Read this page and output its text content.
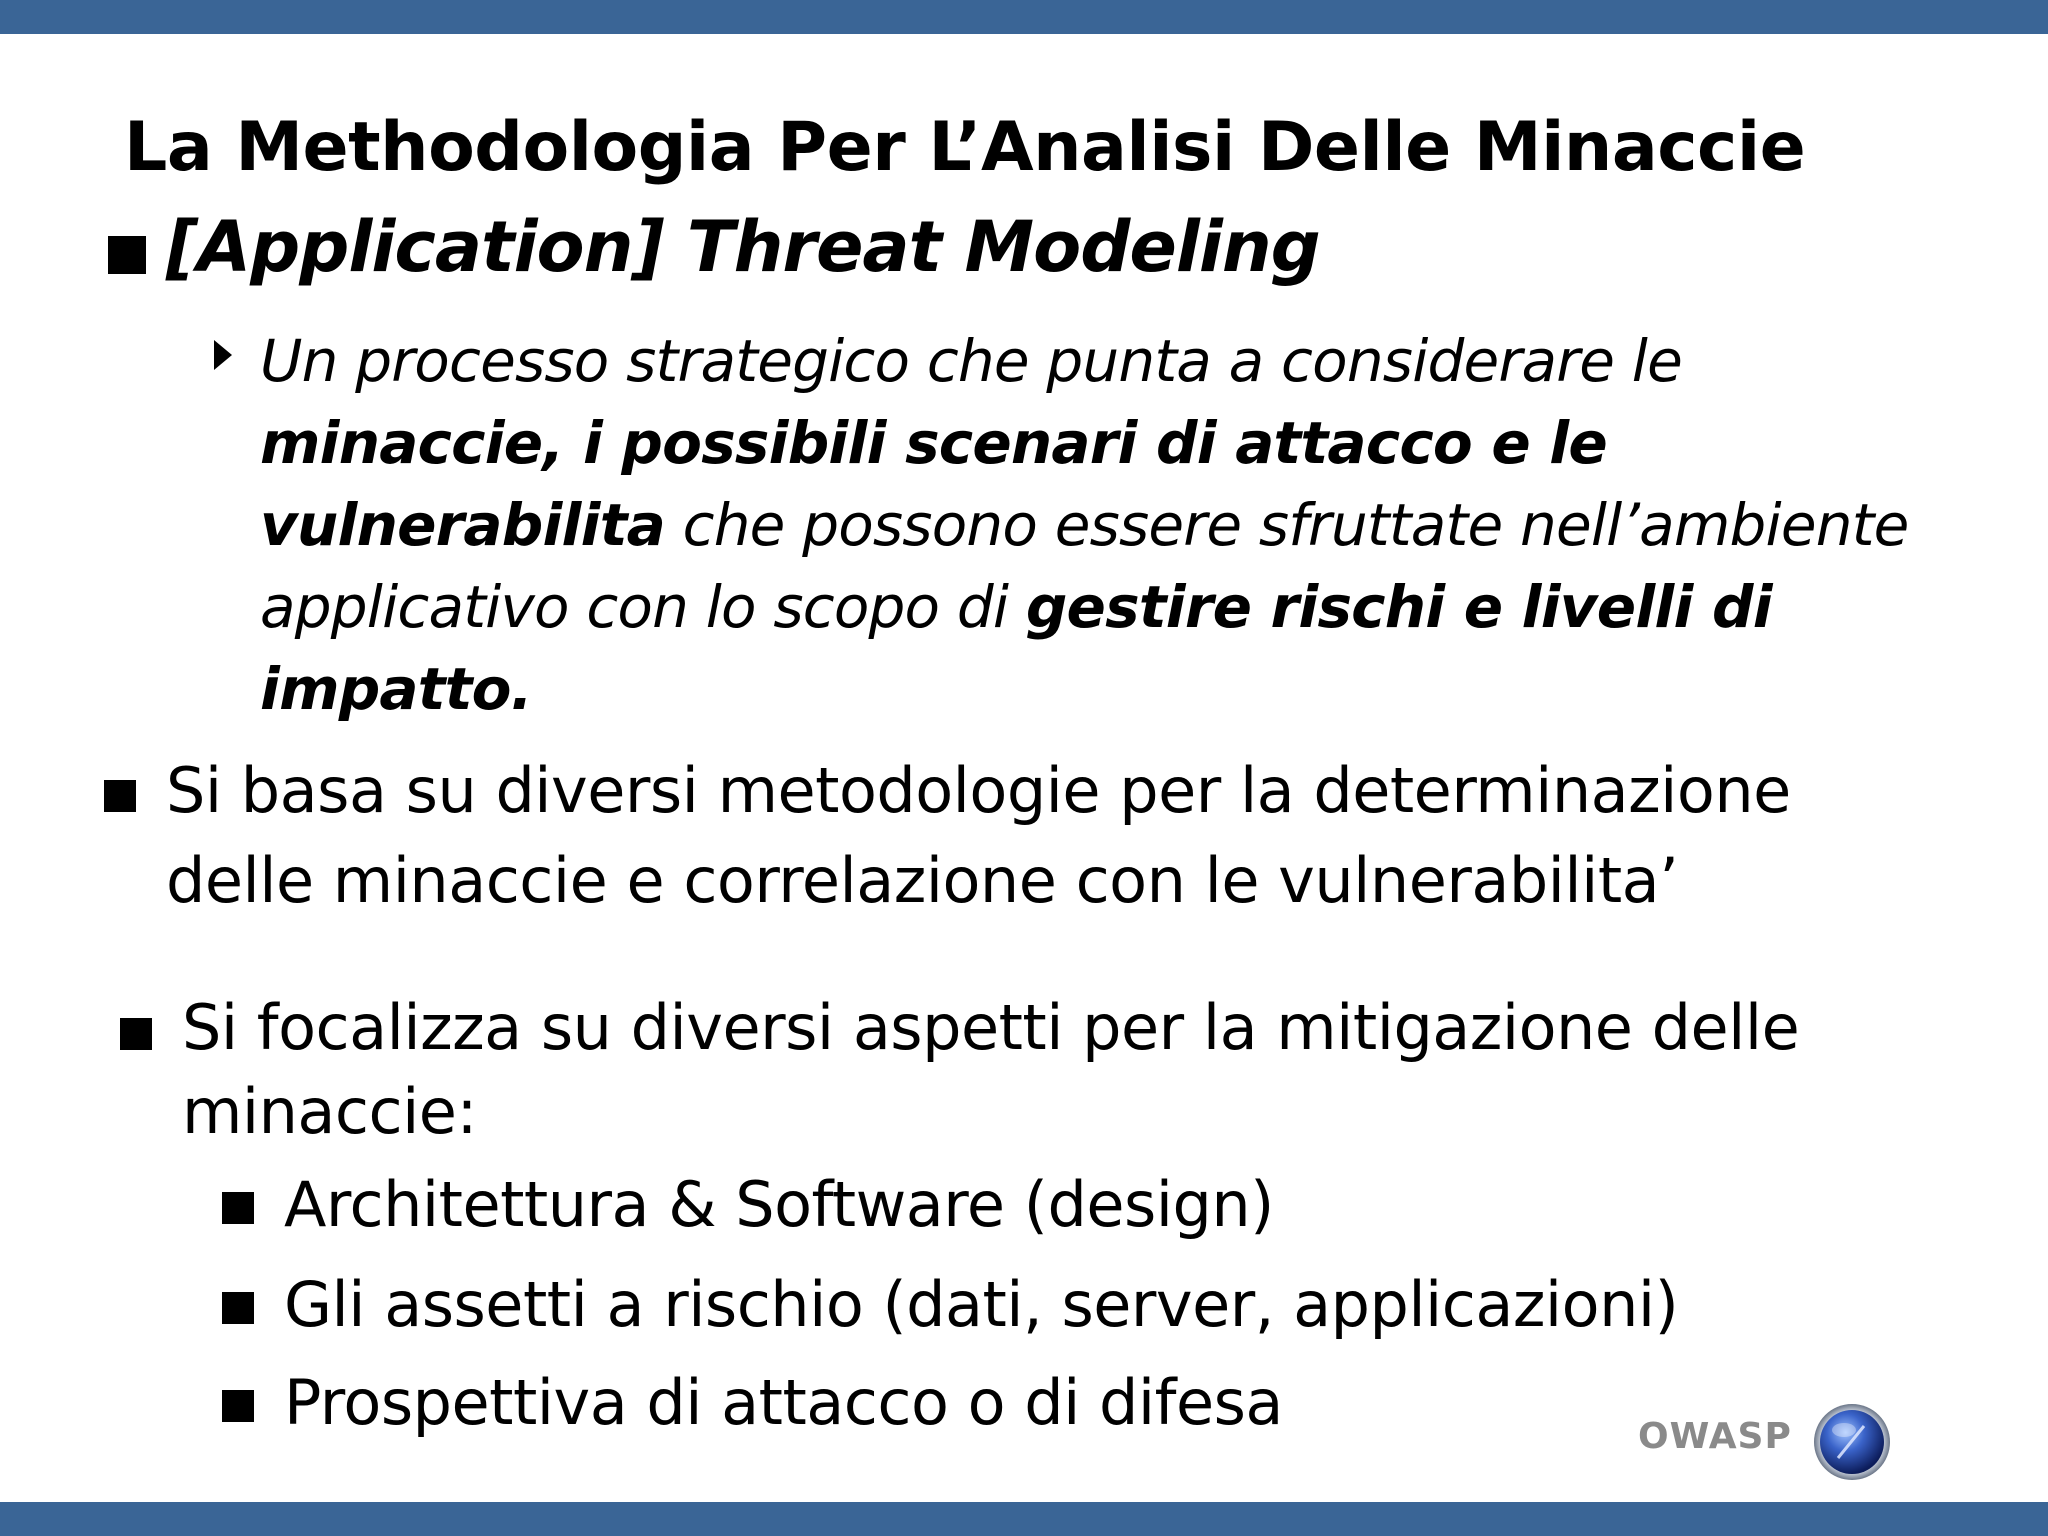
La Methodologia Per L’Analisi Delle Minaccie
[Application] Threat Modeling
Un processo strategico che punta a considerare le minaccie, i possibili scenari di attacco e le vulnerabilita che possono essere sfruttate nell’ambiente applicativo con lo scopo di gestire rischi e livelli di impatto.
Si basa su diversi metodologie per la determinazione delle minaccie e correlazione con le vulnerabilita’
Si focalizza su diversi aspetti per la mitigazione delle minaccie:
Architettura & Software (design)
Gli assetti a rischio (dati, server, applicazioni)
Prospettiva di attacco o di difesa	OWASP
